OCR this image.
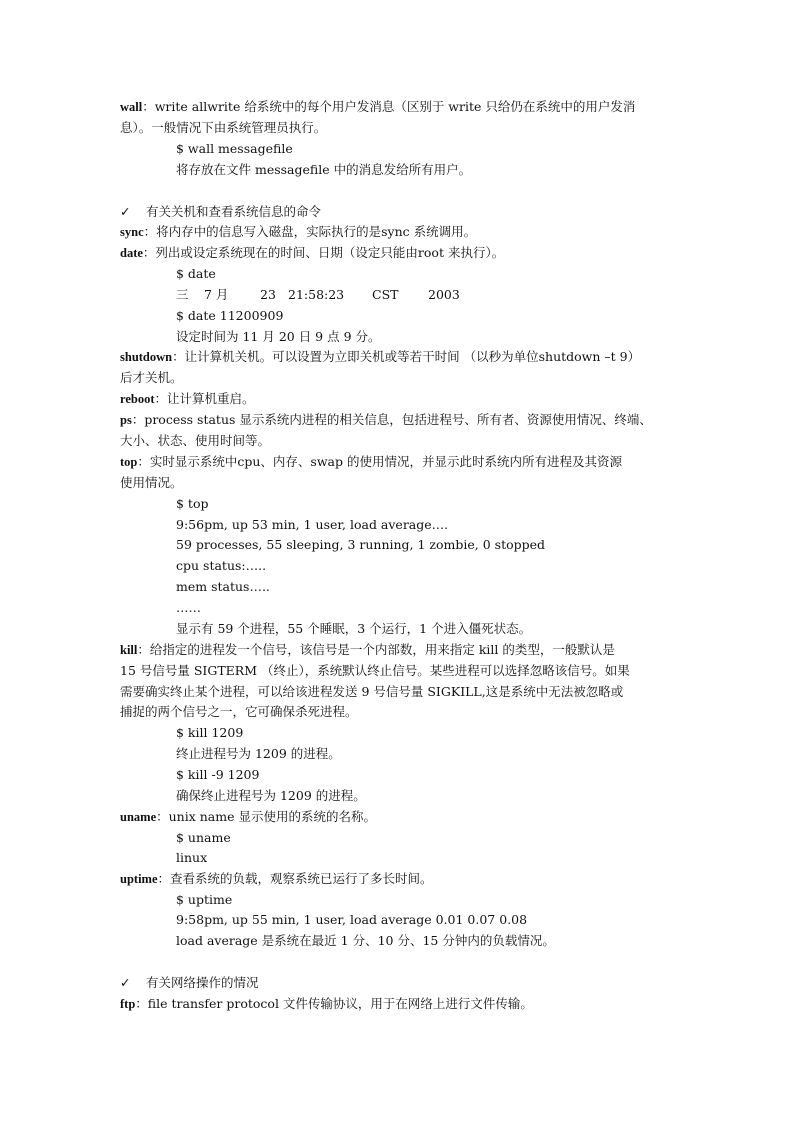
wall：write allwrite 给系统中的每个用户发消息（区别于 write 只给仍在系统中的用户发消
息）。一般情况下由系统管理员执行。
$ wall messagefile
将存放在文件 messagefile 中的消息发给所有用户。
✓ 有关关机和查看系统信息的命令
sync：将内存中的信息写入磁盘，实际执行的是sync 系统调用。
date：列出或设定系统现在的时间、日期（设定只能由root 来执行）。
$ date
三 7 月	23 21:58:23 CST 2003
$ date 11200909
设定时间为 11 月 20 日 9 点 9 分。
shutdown：让计算机关机。可以设置为立即关机或等若干时间 （以秒为单位shutdown –t 9）
后才关机。
reboot：让计算机重启。
ps：process status 显示系统内进程的相关信息，包括进程号、所有者、资源使用情况、终端、
大小、状态、使用时间等。
top：实时显示系统中cpu、内存、swap 的使用情况，并显示此时系统内所有进程及其资源
使用情况。
$ top
9:56pm, up 53 min, 1 user, load average….
59 processes, 55 sleeping, 3 running, 1 zombie, 0 stopped
cpu status:…..
mem status…..
……
显示有 59 个进程，55 个睡眠，3 个运行，1 个进入僵死状态。
kill：给指定的进程发一个信号，该信号是一个内部数，用来指定 kill 的类型，一般默认是
15 号信号量 SIGTERM （终止），系统默认终止信号。某些进程可以选择忽略该信号。如果
需要确实终止某个进程，可以给该进程发送 9 号信号量 SIGKILL,这是系统中无法被忽略或
捕捉的两个信号之一，它可确保杀死进程。
$ kill 1209
终止进程号为 1209 的进程。
$ kill -9 1209
确保终止进程号为 1209 的进程。
uname：unix name 显示使用的系统的名称。
$ uname
linux
uptime：查看系统的负载，观察系统已运行了多长时间。
$ uptime
9:58pm, up 55 min, 1 user, load average 0.01 0.07 0.08
load average 是系统在最近 1 分、10 分、15 分钟内的负载情况。
✓ 有关网络操作的情况
ftp：file transfer protocol 文件传输协议，用于在网络上进行文件传输。
